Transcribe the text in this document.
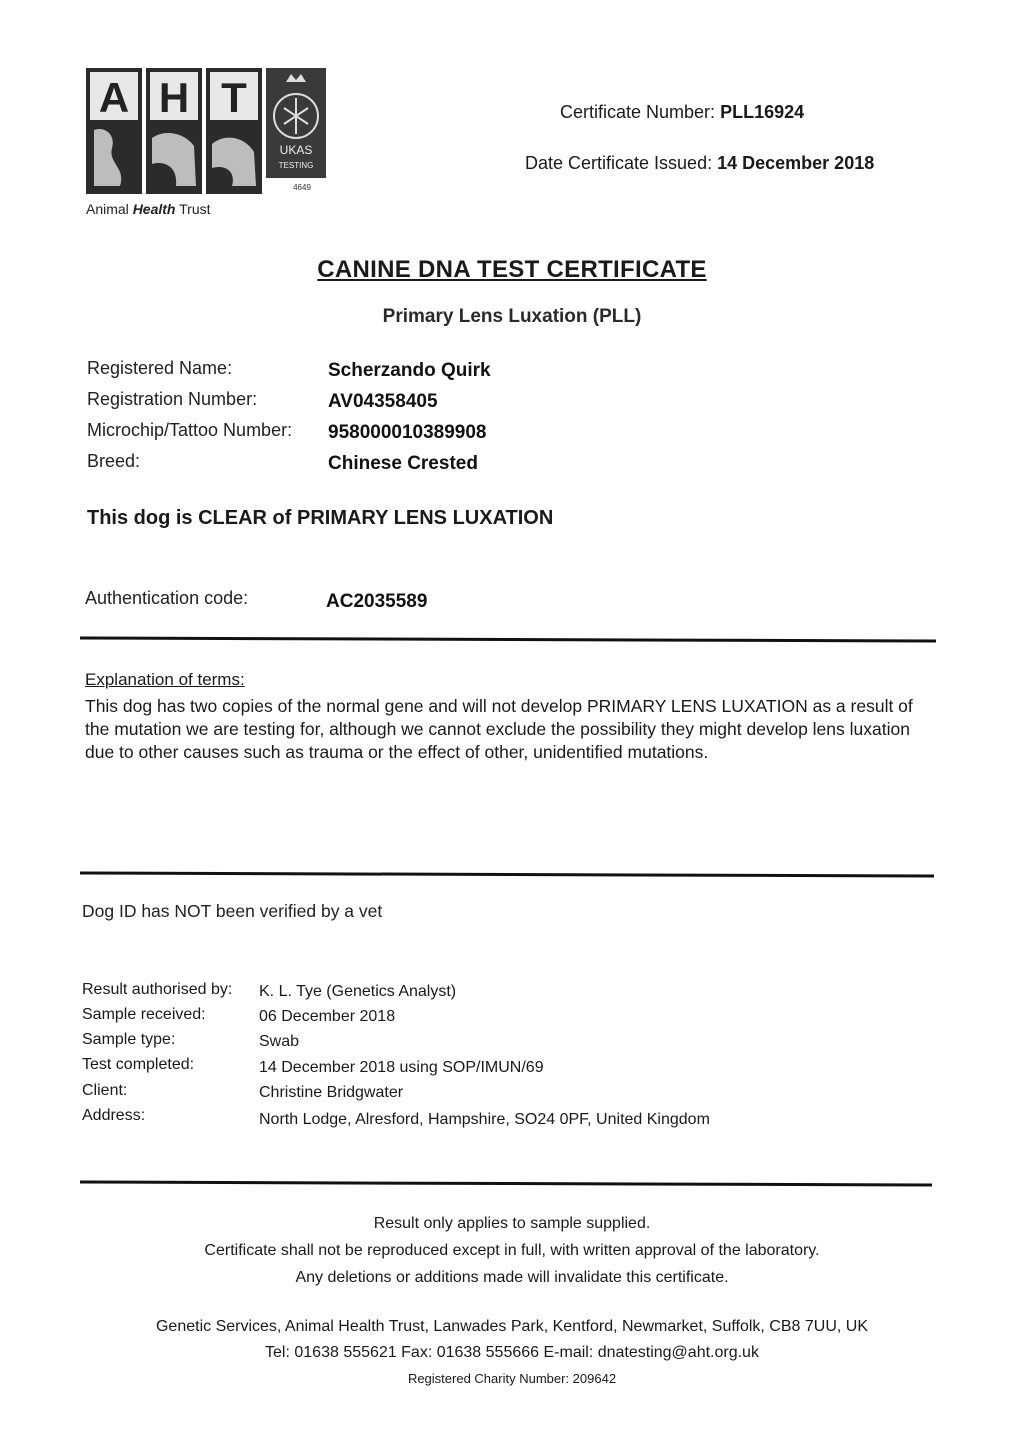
A H T
UKAS
TESTING
4649
Animal Health Trust
Certificate Number: PLL16924
Date Certificate Issued: 14 December 2018
CANINE DNA TEST CERTIFICATE
Primary Lens Luxation (PLL)
Registered Name:	Scherzando Quirk
Registration Number:	AV04358405
Microchip/Tattoo Number: 958000010389908
Breed:	Chinese Crested
This dog is CLEAR of PRIMARY LENS LUXATION
Authentication code:	AC2035589
Explanation of terms:
This dog has two copies of the normal gene and will not develop PRIMARY LENS LUXATION as a result of the mutation we are testing for, although we cannot exclude the possibility they might develop lens luxation due to other causes such as trauma or the effect of other, unidentified mutations.
Dog ID has NOT been verified by a vet
Result authorised by: K. L. Tye (Genetics Analyst)
Sample received:	06 December 2018
Sample type:	Swab
Test completed:	14 December 2018 using SOP/IMUN/69
Client:	Christine Bridgwater
Address:	North Lodge, Alresford, Hampshire, SO24 0PF, United Kingdom
Result only applies to sample supplied.
Certificate shall not be reproduced except in full, with written approval of the laboratory.
Any deletions or additions made will invalidate this certificate.
Genetic Services, Animal Health Trust, Lanwades Park, Kentford, Newmarket, Suffolk, CB8 7UU, UK
Tel: 01638 555621 Fax: 01638 555666 E-mail: dnatesting@aht.org.uk
Registered Charity Number: 209642
